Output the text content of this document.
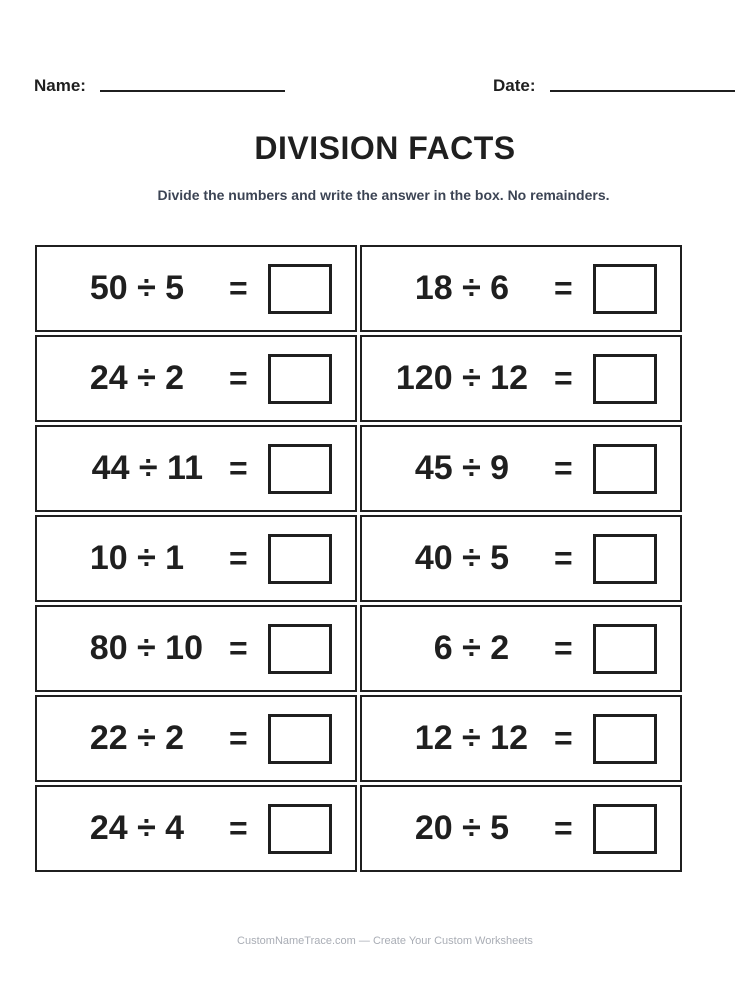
Name:	Date:
DIVISION FACTS

Divide the numbers and write the answer in the box. No remainders.

50 ÷ 5 =	18 ÷ 6 =
24 ÷ 2 =	120 ÷ 12 =
44 ÷ 11 =	45 ÷ 9 =
10 ÷ 1 =	40 ÷ 5 =
80 ÷ 10 =	6 ÷ 2 =
22 ÷ 2 =	12 ÷ 12 =
24 ÷ 4 =	20 ÷ 5 =

CustomNameTrace.com — Create Your Custom Worksheets
